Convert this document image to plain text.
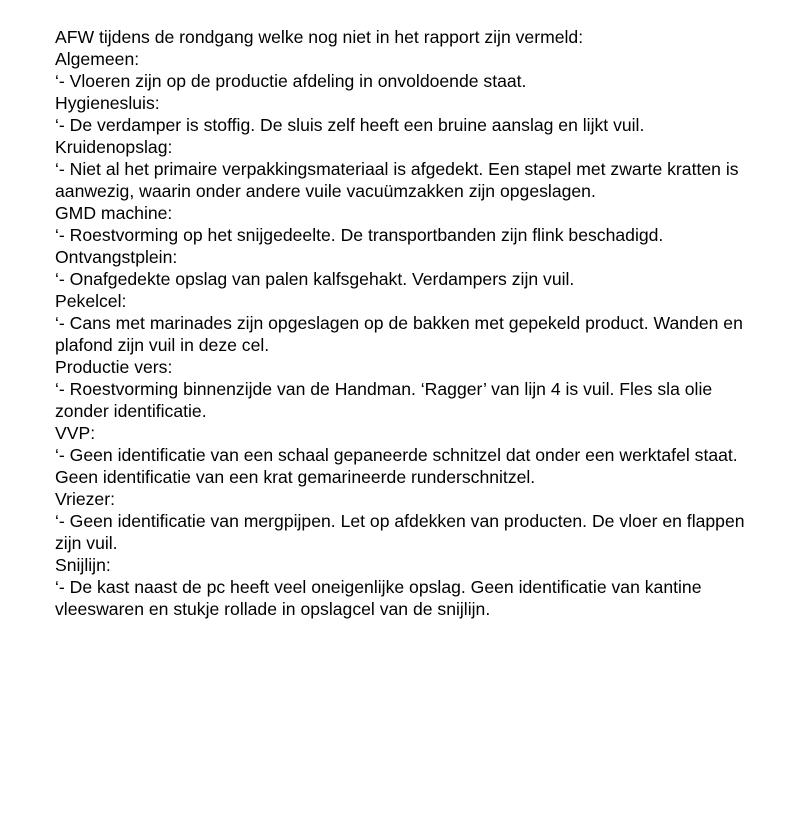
AFW tijdens de rondgang welke nog niet in het rapport zijn vermeld:

Algemeen:

‘- Vloeren zijn op de productie afdeling in onvoldoende staat.

Hygienesluis:

‘- De verdamper is stoffig. De sluis zelf heeft een bruine aanslag en lijkt vuil.

Kruidenopslag:

‘- Niet al het primaire verpakkingsmateriaal is afgedekt. Een stapel met zwarte kratten is aanwezig, waarin onder andere vuile vacuümzakken zijn opgeslagen.

GMD machine:

‘- Roestvorming op het snijgedeelte. De transportbanden zijn flink beschadigd.

Ontvangstplein:

‘- Onafgedekte opslag van palen kalfsgehakt. Verdampers zijn vuil.

Pekelcel:

‘- Cans met marinades zijn opgeslagen op de bakken met gepekeld product. Wanden en plafond zijn vuil in deze cel.

Productie vers:

‘- Roestvorming binnenzijde van de Handman. ‘Ragger’ van lijn 4 is vuil. Fles sla olie zonder identificatie.

VVP:

‘- Geen identificatie van een schaal gepaneerde schnitzel dat onder een werktafel staat. Geen identificatie van een krat gemarineerde runderschnitzel.

Vriezer:

‘- Geen identificatie van mergpijpen. Let op afdekken van producten. De vloer en flappen zijn vuil.

Snijlijn:

‘- De kast naast de pc heeft veel oneigenlijke opslag. Geen identificatie van kantine vleeswaren en stukje rollade in opslagcel van de snijlijn.
